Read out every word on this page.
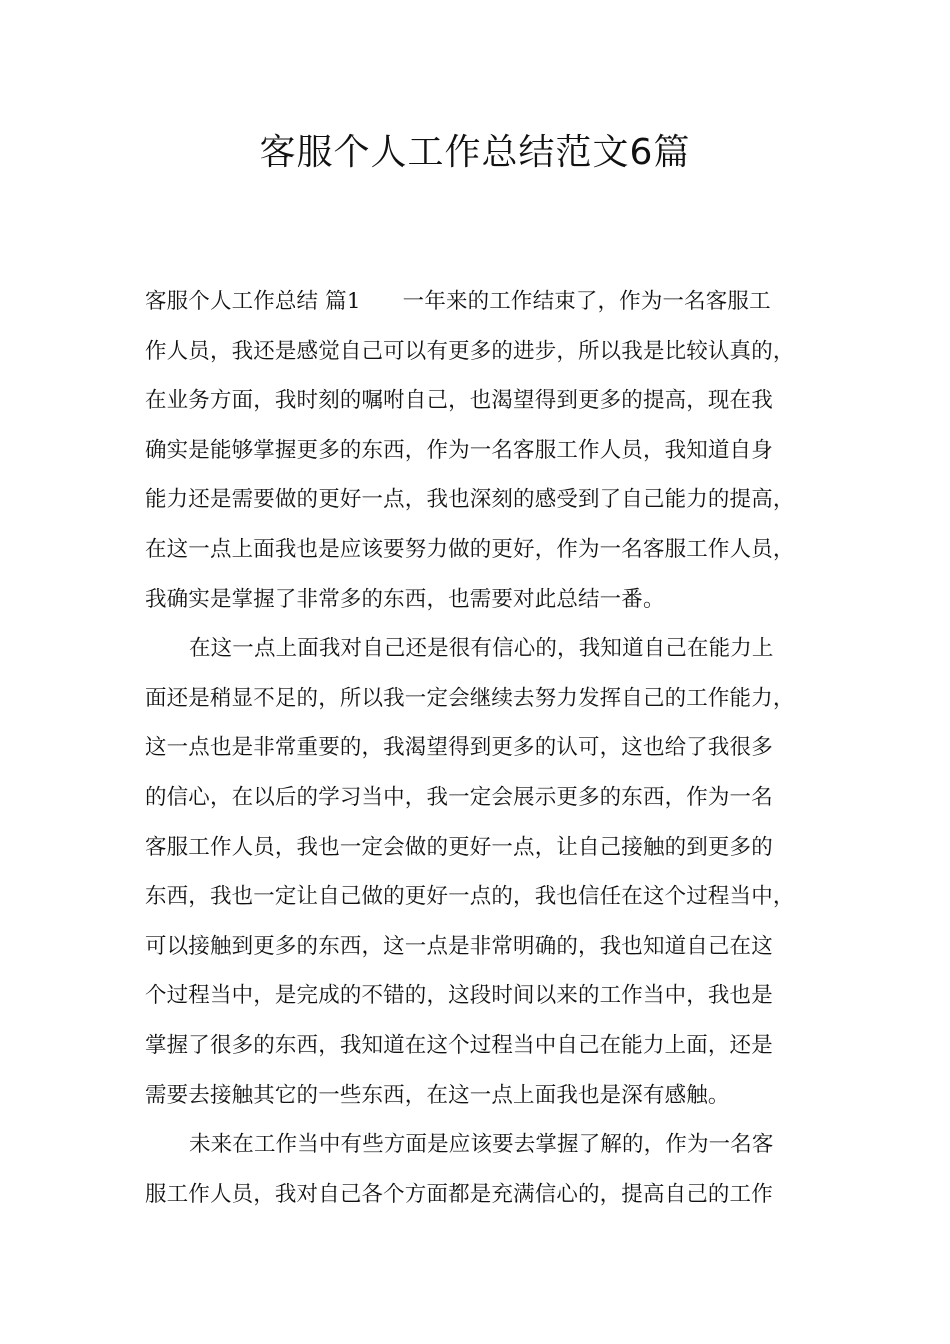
客服个人工作总结范文6篇
客服个人工作总结 篇1 一年来的工作结束了，作为一名客服工
作人员，我还是感觉自己可以有更多的进步，所以我是比较认真的，
在业务方面，我时刻的嘱咐自己，也渴望得到更多的提高，现在我
确实是能够掌握更多的东西，作为一名客服工作人员，我知道自身
能力还是需要做的更好一点，我也深刻的感受到了自己能力的提高，
在这一点上面我也是应该要努力做的更好，作为一名客服工作人员，
我确实是掌握了非常多的东西，也需要对此总结一番。
在这一点上面我对自己还是很有信心的，我知道自己在能力上
面还是稍显不足的，所以我一定会继续去努力发挥自己的工作能力，
这一点也是非常重要的，我渴望得到更多的认可，这也给了我很多
的信心，在以后的学习当中，我一定会展示更多的东西，作为一名
客服工作人员，我也一定会做的更好一点，让自己接触的到更多的
东西，我也一定让自己做的更好一点的，我也信任在这个过程当中，
可以接触到更多的东西，这一点是非常明确的，我也知道自己在这
个过程当中，是完成的不错的，这段时间以来的工作当中，我也是
掌握了很多的东西，我知道在这个过程当中自己在能力上面，还是
需要去接触其它的一些东西，在这一点上面我也是深有感触。
未来在工作当中有些方面是应该要去掌握了解的，作为一名客
服工作人员，我对自己各个方面都是充满信心的，提高自己的工作
